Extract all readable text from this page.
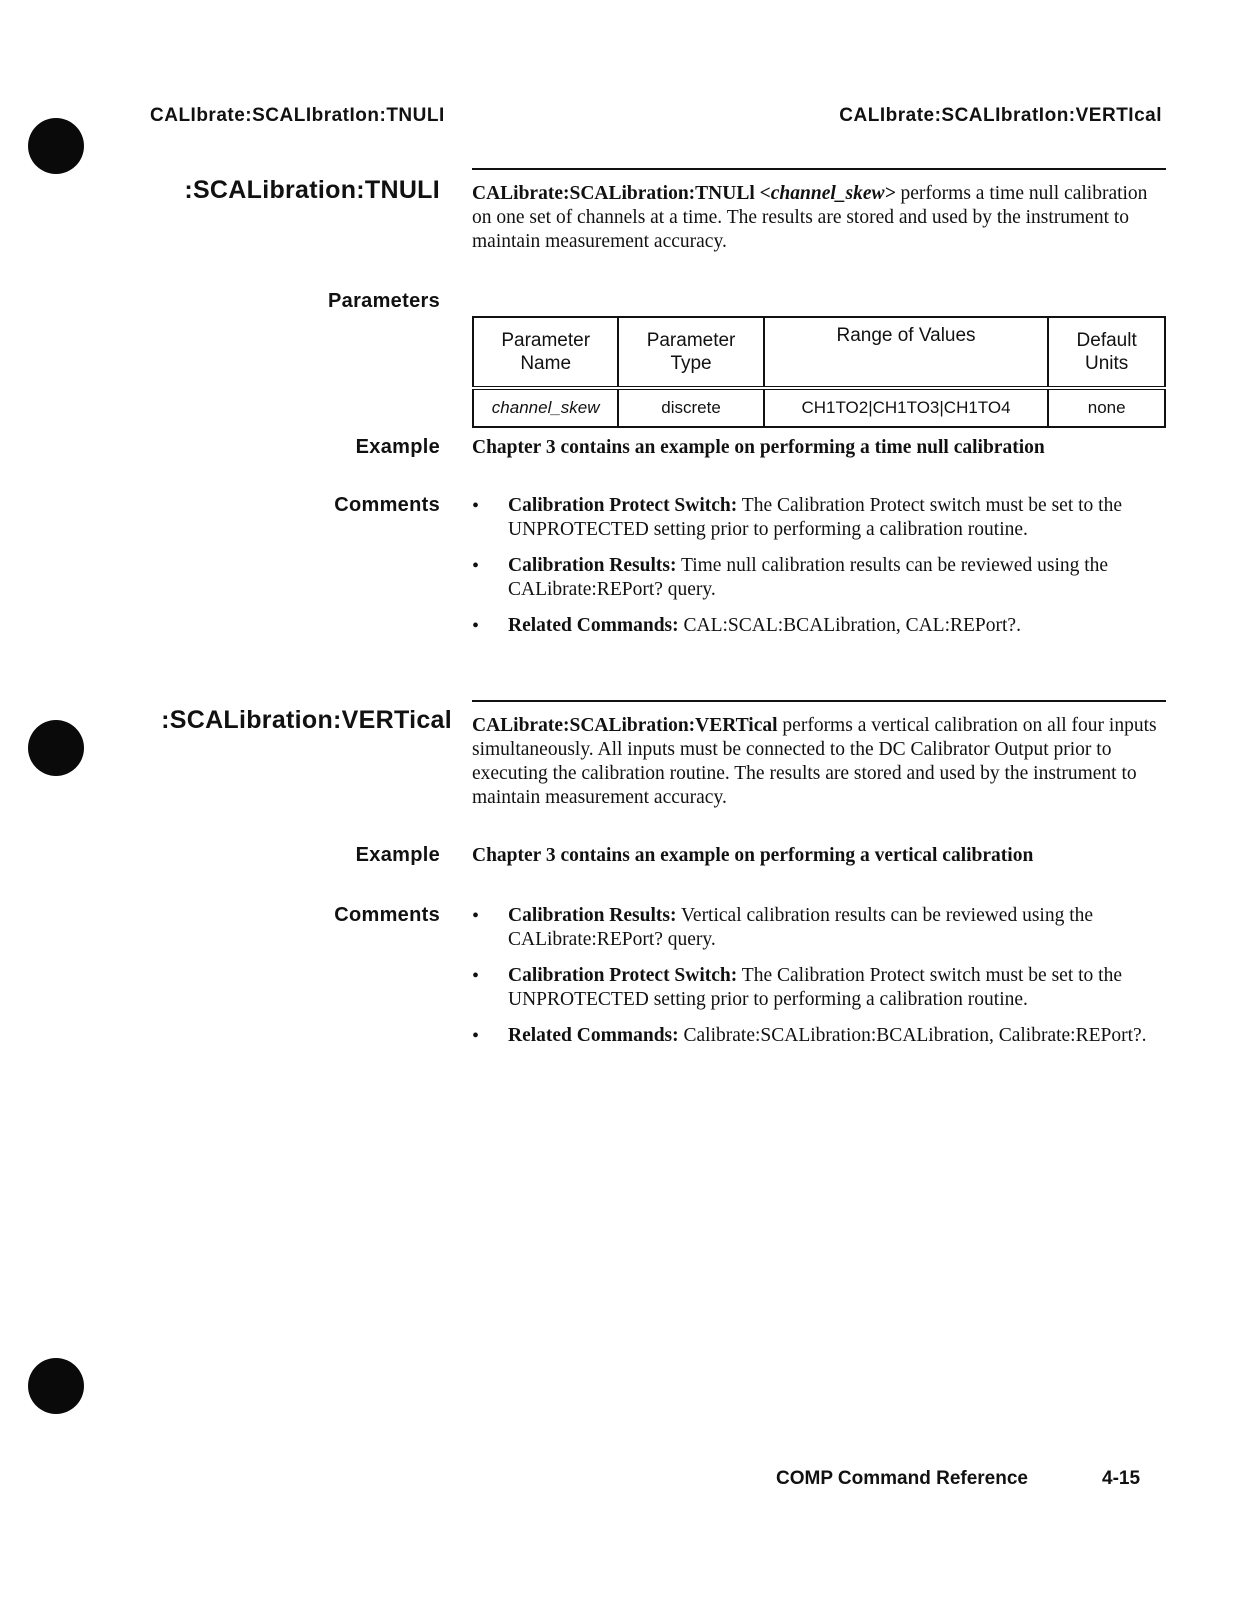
CALIbrate:SCALIbratIon:TNULI	CALIbrate:SCALIbratIon:VERTIcal
:SCALibration:TNULI CALibrate:SCALibration:TNULl <channel_skew> performs a time null calibration on one set of channels at a time. The results are stored and used by the instrument to maintain measurement accuracy.
Parameters
Parameter Name	Parameter Type	Range of Values	Default Units
channel_skew	discrete	CH1TO2|CH1TO3|CH1TO4	none
Example Chapter 3 contains an example on performing a time null calibration
Comments	• Calibration Protect Switch: The Calibration Protect switch must be set to the UNPROTECTED setting prior to performing a calibration routine.
• Calibration Results: Time null calibration results can be reviewed using the CALibrate:REPort? query.
• Related Commands: CAL:SCAL:BCALibration, CAL:REPort?.
:SCALibration:VERTical CALibrate:SCALibration:VERTical performs a vertical calibration on all four inputs simultaneously. All inputs must be connected to the DC Calibrator Output prior to executing the calibration routine. The results are stored and used by the instrument to maintain measurement accuracy.
Example Chapter 3 contains an example on performing a vertical calibration
Comments	• Calibration Results: Vertical calibration results can be reviewed using the CALibrate:REPort? query.
• Calibration Protect Switch: The Calibration Protect switch must be set to the UNPROTECTED setting prior to performing a calibration routine.
• Related Commands: Calibrate:SCALibration:BCALibration, Calibrate:REPort?.
COMP Command Reference	4-15
